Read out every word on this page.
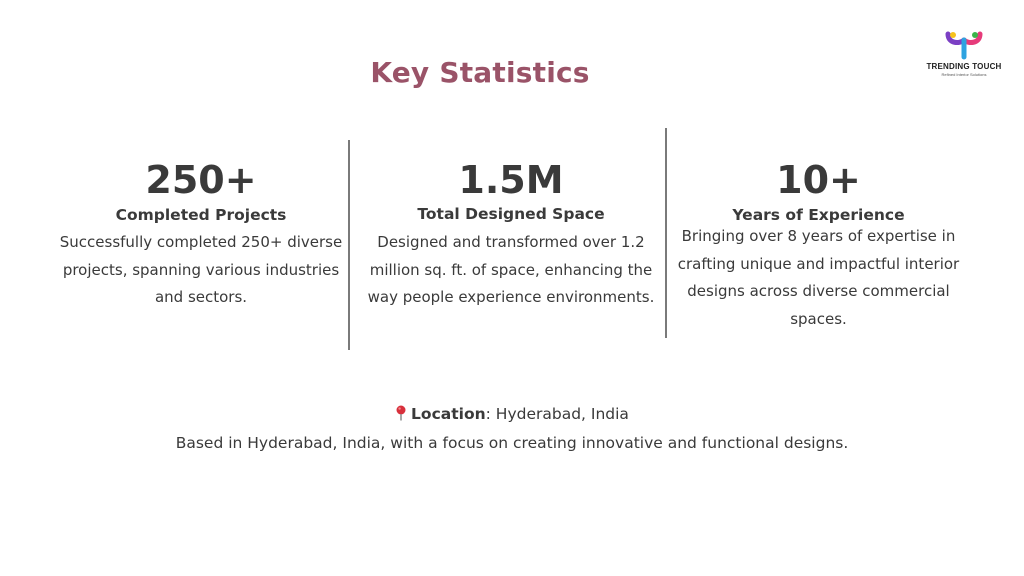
Key Statistics	TRENDING TOUCH
Refined Interior Solutions
250+
Completed Projects
Successfully completed 250+ diverse projects, spanning various industries and sectors.
1.5M
Total Designed Space
Designed and transformed over 1.2 million sq. ft. of space, enhancing the way people experience environments.
10+
Years of Experience
Bringing over 8 years of expertise in crafting unique and impactful interior designs across diverse commercial spaces.
Location: Hyderabad, India
Based in Hyderabad, India, with a focus on creating innovative and functional designs.
